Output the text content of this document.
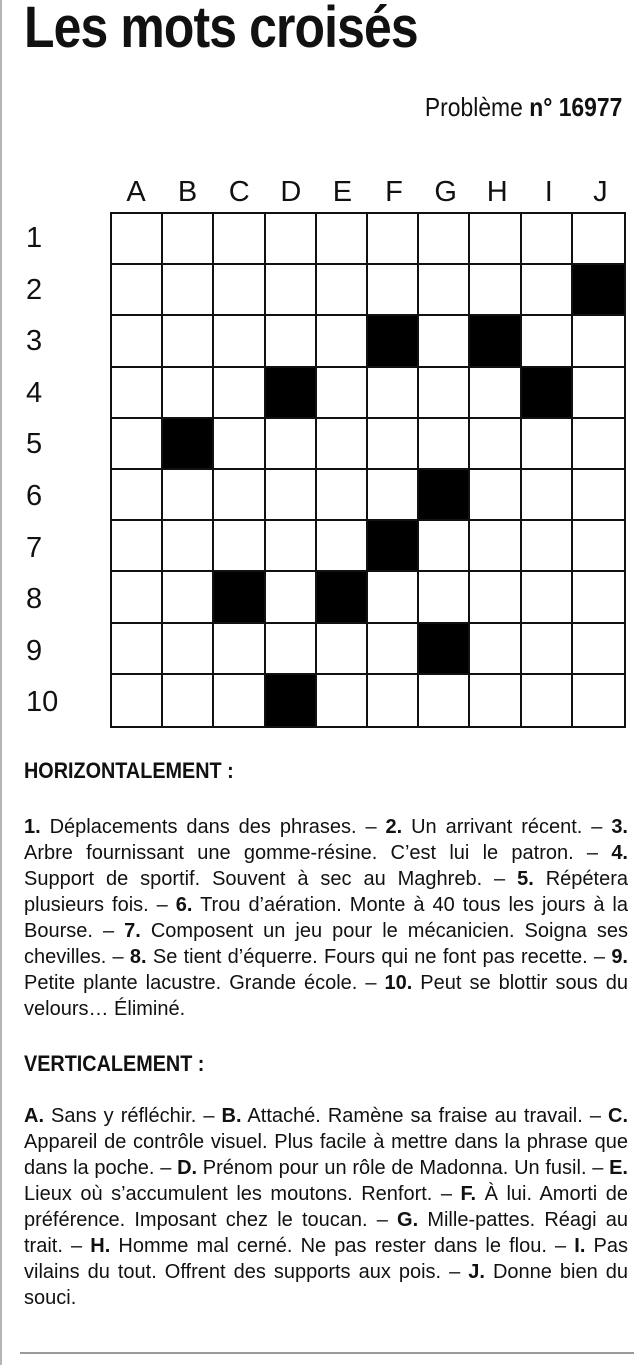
Les mots croisés
Problème n° 16977
A	B	C	D	E	F	G	H	I	J
1
2
3
4
5
6
7
8
9
10
HORIZONTALEMENT :
1. Déplacements dans des phrases. – 2. Un arrivant récent. – 3. Arbre fournissant une gomme-résine. C’est lui le patron. – 4. Support de sportif. Souvent à sec au Maghreb. – 5. Répétera plusieurs fois. – 6. Trou d’aération. Monte à 40 tous les jours à la Bourse. – 7. Composent un jeu pour le mécanicien. Soigna ses chevilles. – 8. Se tient d’équerre. Fours qui ne font pas recette. – 9. Petite plante lacustre. Grande école. – 10. Peut se blottir sous du velours… Éliminé.
VERTICALEMENT :
A. Sans y réfléchir. – B. Attaché. Ramène sa fraise au travail. – C. Appareil de contrôle visuel. Plus facile à mettre dans la phrase que dans la poche. – D. Prénom pour un rôle de Madonna. Un fusil. – E. Lieux où s’accumulent les moutons. Renfort. – F. À lui. Amorti de préférence. Imposant chez le toucan. – G. Mille-pattes. Réagi au trait. – H. Homme mal cerné. Ne pas rester dans le flou. – I. Pas vilains du tout. Offrent des supports aux pois. – J. Donne bien du souci.
